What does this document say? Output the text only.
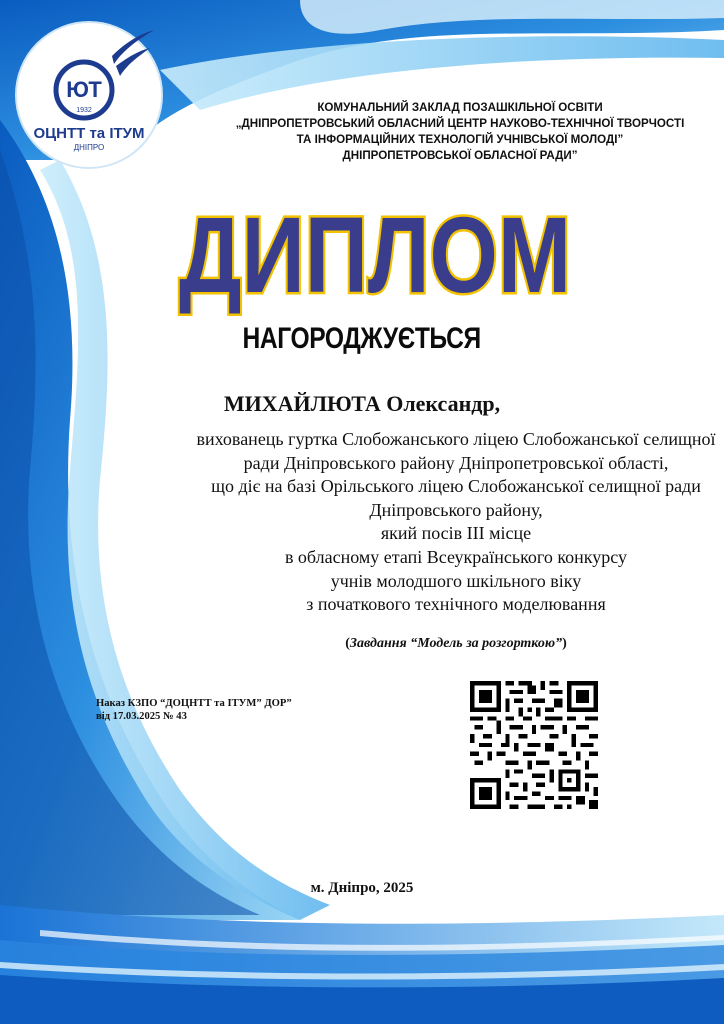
ЮТ
1932
ОЦНТТ та ІТУМ
ДНІПРО
КОМУНАЛЬНИЙ ЗАКЛАД ПОЗАШКІЛЬНОЇ ОСВІТИ
„ДНІПРОПЕТРОВСЬКИЙ ОБЛАСНИЙ ЦЕНТР НАУКОВО-ТЕХНІЧНОЇ ТВОРЧОСТІ
ТА ІНФОРМАЦІЙНИХ ТЕХНОЛОГІЙ УЧНІВСЬКОЇ МОЛОДІ”
ДНІПРОПЕТРОВСЬКОЇ ОБЛАСНОЇ РАДИ”
ДИПЛОМ
НАГОРОДЖУЄТЬСЯ
МИХАЙЛЮТА Олександр,
вихованець гуртка Слобожанського ліцею Слобожанської селищної
ради Дніпровського району Дніпропетровської області,
що діє на базі Орільського ліцею Слобожанської селищної ради
Дніпровського району,
який посів III місце
в обласному етапі Всеукраїнського конкурсу
учнів молодшого шкільного віку
з початкового технічного моделювання
(Завдання “Модель за розгорткою”)
Наказ КЗПО “ДОЦНТТ та ІТУМ” ДОР”
від 17.03.2025 № 43
м. Дніпро, 2025
